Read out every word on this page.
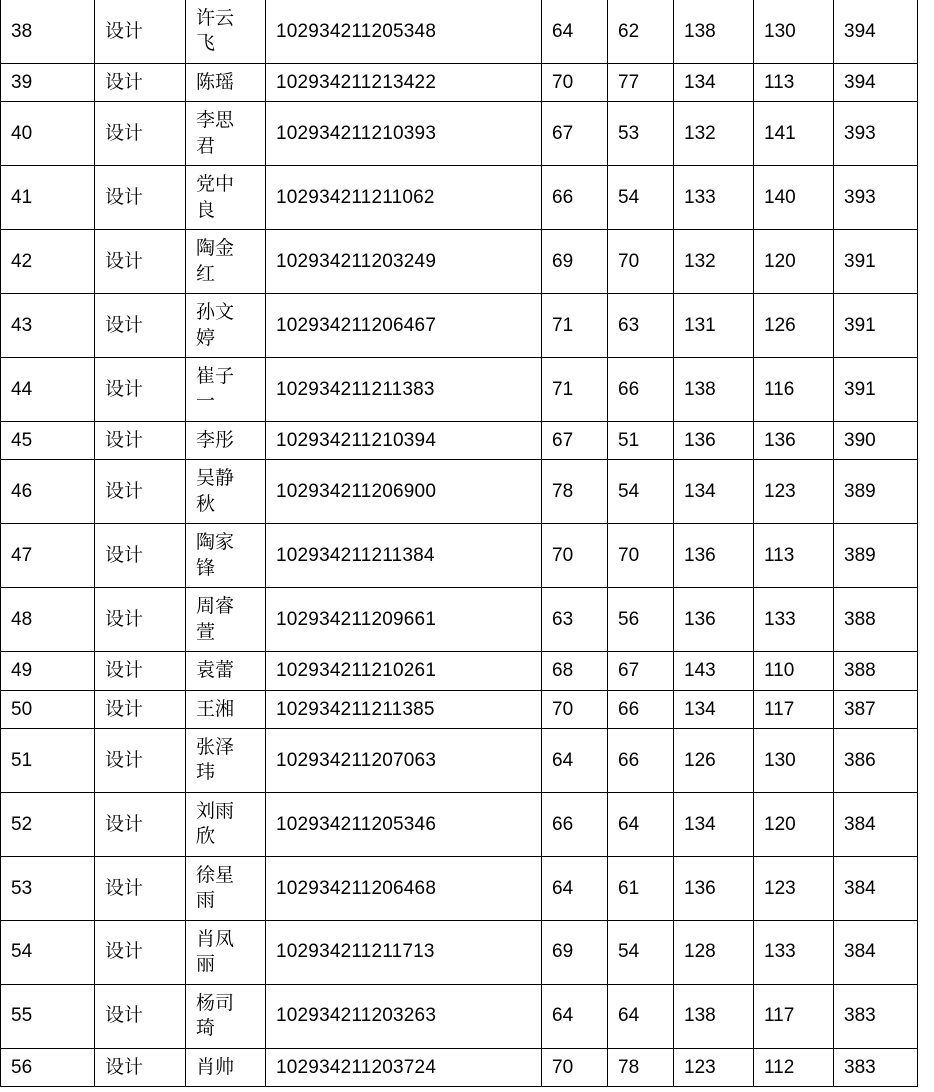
38	设计	许云飞	102934211205348	64	62	138	130	394
39	设计	陈瑶	102934211213422	70	77	134	113	394
40	设计	李思君	102934211210393	67	53	132	141	393
41	设计	党中良	102934211211062	66	54	133	140	393
42	设计	陶金红	102934211203249	69	70	132	120	391
43	设计	孙文婷	102934211206467	71	63	131	126	391
44	设计	崔子一	102934211211383	71	66	138	116	391
45	设计	李彤	102934211210394	67	51	136	136	390
46	设计	吴静秋	102934211206900	78	54	134	123	389
47	设计	陶家锋	102934211211384	70	70	136	113	389
48	设计	周睿萱	102934211209661	63	56	136	133	388
49	设计	袁蕾	102934211210261	68	67	143	110	388
50	设计	王湘	102934211211385	70	66	134	117	387
51	设计	张泽玮	102934211207063	64	66	126	130	386
52	设计	刘雨欣	102934211205346	66	64	134	120	384
53	设计	徐星雨	102934211206468	64	61	136	123	384
54	设计	肖凤丽	102934211211713	69	54	128	133	384
55	设计	杨司琦	102934211203263	64	64	138	117	383
56	设计	肖帅	102934211203724	70	78	123	112	383
